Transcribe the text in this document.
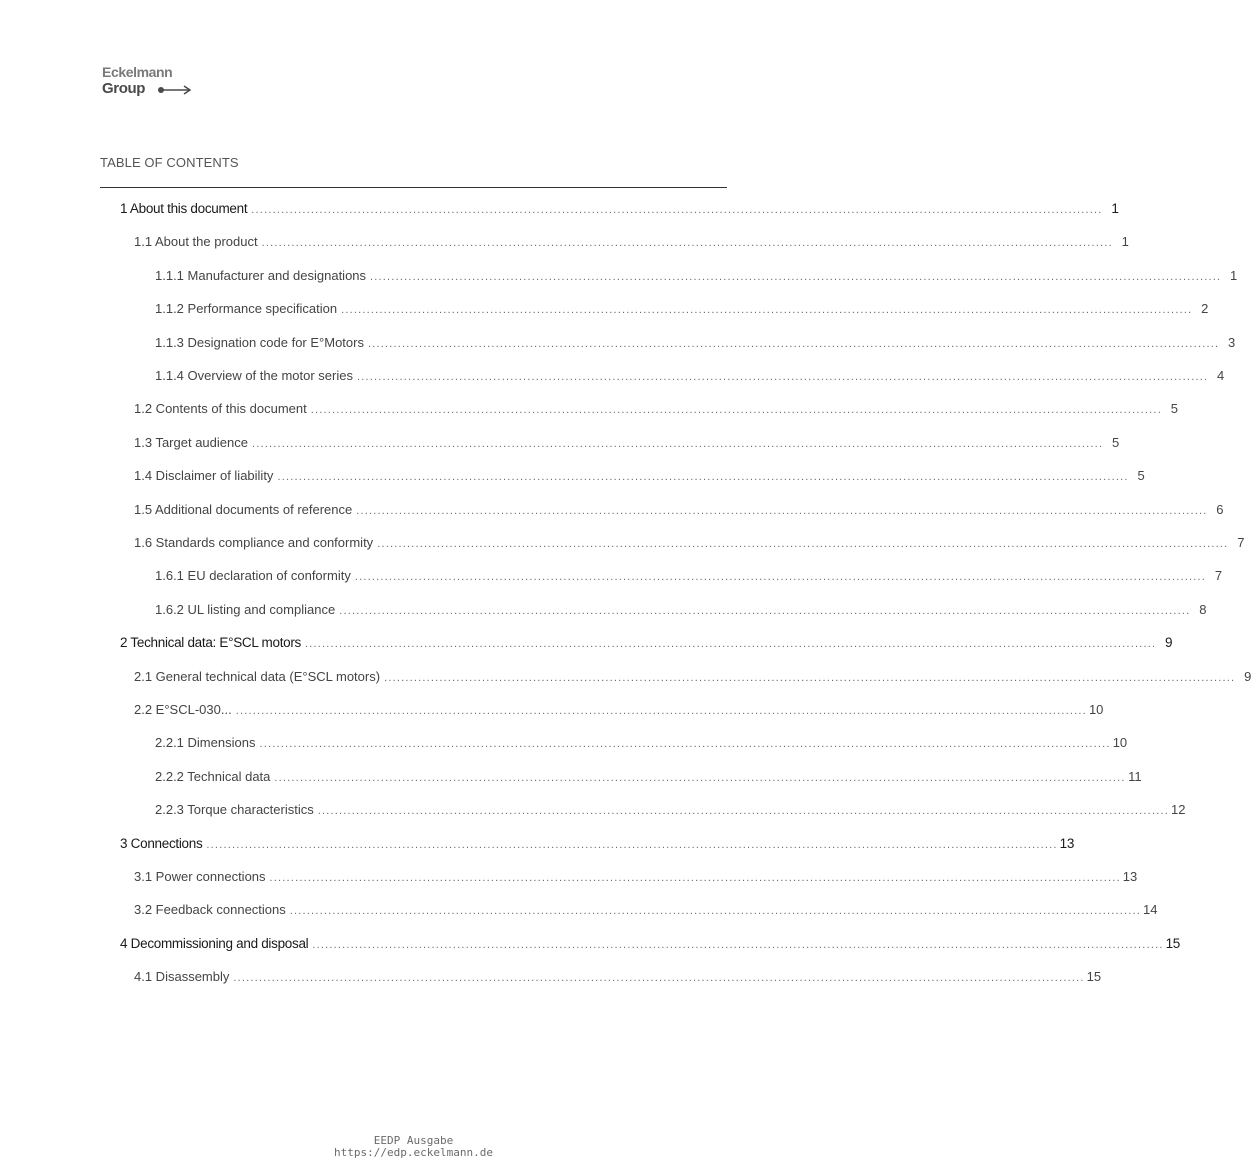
Eckelmann
Group
TABLE OF CONTENTS
1 About this document ........................................................................................................................................................................................................ 1
1.1 About the product ........................................................................................................................................................................................................ 1
1.1.1 Manufacturer and designations ........................................................................................................................................................................................................ 1
1.1.2 Performance specification ........................................................................................................................................................................................................ 2
1.1.3 Designation code for E°Motors ........................................................................................................................................................................................................ 3
1.1.4 Overview of the motor series ........................................................................................................................................................................................................ 4
1.2 Contents of this document ........................................................................................................................................................................................................ 5
1.3 Target audience ........................................................................................................................................................................................................ 5
1.4 Disclaimer of liability ........................................................................................................................................................................................................ 5
1.5 Additional documents of reference ........................................................................................................................................................................................................ 6
1.6 Standards compliance and conformity ........................................................................................................................................................................................................ 7
1.6.1 EU declaration of conformity ........................................................................................................................................................................................................ 7
1.6.2 UL listing and compliance ........................................................................................................................................................................................................ 8
2 Technical data: E°SCL motors ........................................................................................................................................................................................................ 9
2.1 General technical data (E°SCL motors) ........................................................................................................................................................................................................ 9
2.2 E°SCL-030... ........................................................................................................................................................................................................ 10
2.2.1 Dimensions ........................................................................................................................................................................................................ 10
2.2.2 Technical data ........................................................................................................................................................................................................ 11
2.2.3 Torque characteristics ........................................................................................................................................................................................................ 12
3 Connections ........................................................................................................................................................................................................ 13
3.1 Power connections ........................................................................................................................................................................................................ 13
3.2 Feedback connections ........................................................................................................................................................................................................ 14
4 Decommissioning and disposal ........................................................................................................................................................................................................ 15
4.1 Disassembly ........................................................................................................................................................................................................ 15
EEDP Ausgabe
https://edp.eckelmann.de
